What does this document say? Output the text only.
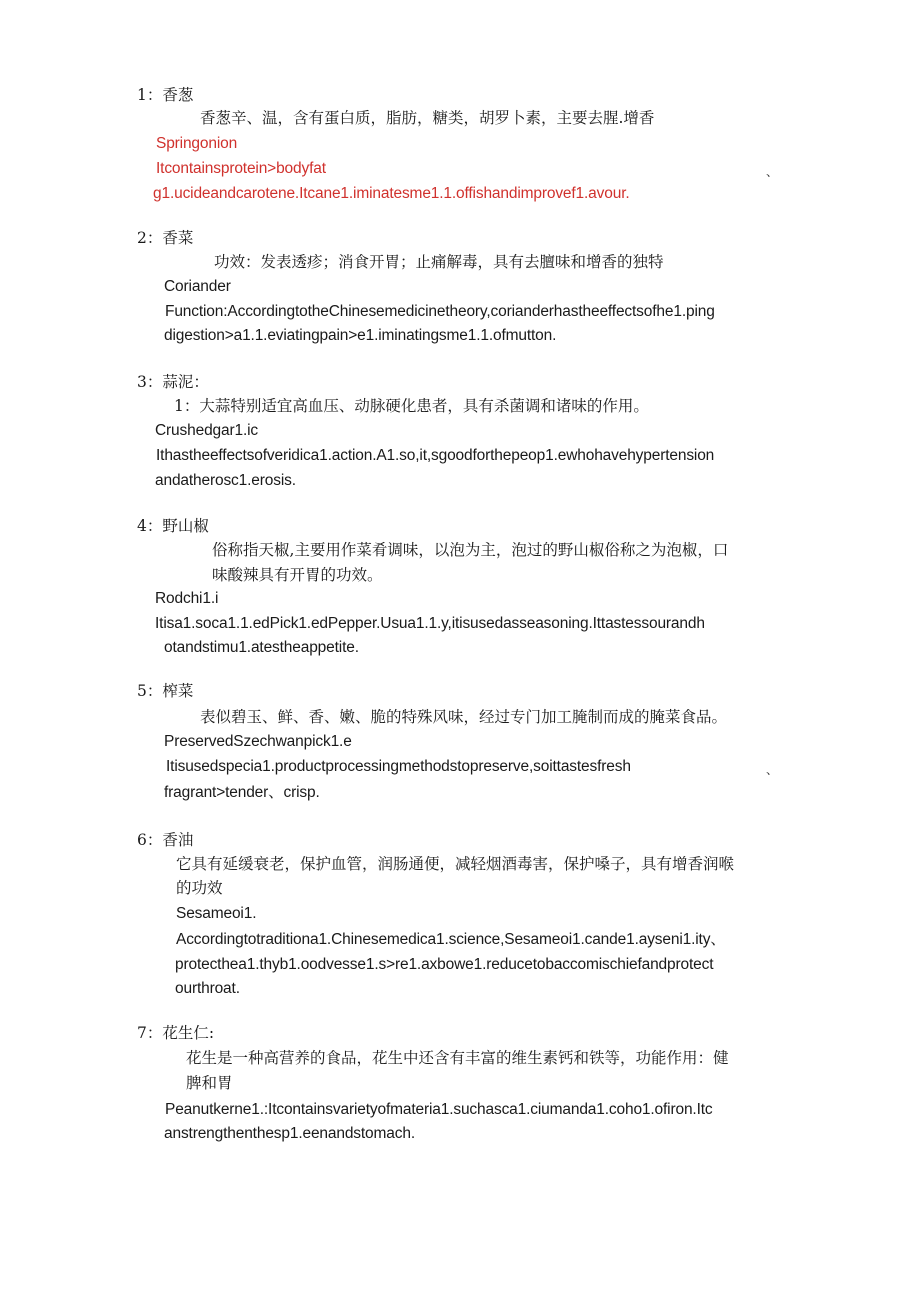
1：香葱
香葱辛、温，含有蛋白质，脂肪，糖类，胡罗卜素，主要去腥.增香
Springonion
Itcontainsprotein>bodyfat	、
g1.ucideandcarotene.Itcane1.iminatesme1.1.offishandimprovef1.avour.
2：香菜
功效：发表透疹；消食开胃；止痛解毒，具有去膻味和增香的独特
Coriander
Function:AccordingtotheChinesemedicinetheory,corianderhastheeffectsofhe1.ping
digestion>a1.1.eviatingpain>e1.iminatingsme1.1.ofmutton.
3：蒜泥：
1：大蒜特别适宜高血压、动脉硬化患者，具有杀菌调和诸味的作用。
Crushedgar1.ic
Ithastheeffectsofveridica1.action.A1.so,it,sgoodforthepeop1.ewhohavehypertension
andatherosc1.erosis.
4：野山椒
俗称指天椒,主要用作菜肴调味，以泡为主，泡过的野山椒俗称之为泡椒，口
味酸辣具有开胃的功效。
Rodchi1.i
Itisa1.soca1.1.edPick1.edPepper.Usua1.1.y,itisusedasseasoning.Ittastessourandh
otandstimu1.atestheappetite.
5：榨菜
表似碧玉、鲜、香、嫩、脆的特殊风味，经过专门加工腌制而成的腌菜食品。
PreservedSzechwanpick1.e
Itisusedspecia1.productprocessingmethodstopreserve,soittastesfresh	、
fragrant>tender、crisp.
6：香油
它具有延缓衰老，保护血管，润肠通便，减轻烟酒毒害，保护嗓子，具有增香润喉
的功效
Sesameoi1.
Accordingtotraditiona1.Chinesemedica1.science,Sesameoi1.cande1.ayseni1.ity、
protecthea1.thyb1.oodvesse1.s>re1.axbowe1.reducetobaccomischiefandprotect
ourthroat.
7：花生仁:
花生是一种高营养的食品，花生中还含有丰富的维生素钙和铁等，功能作用：健
脾和胃
Peanutkerne1.:Itcontainsvarietyofmateria1.suchasca1.ciumanda1.coho1.ofiron.Itc
anstrengthenthesp1.eenandstomach.
